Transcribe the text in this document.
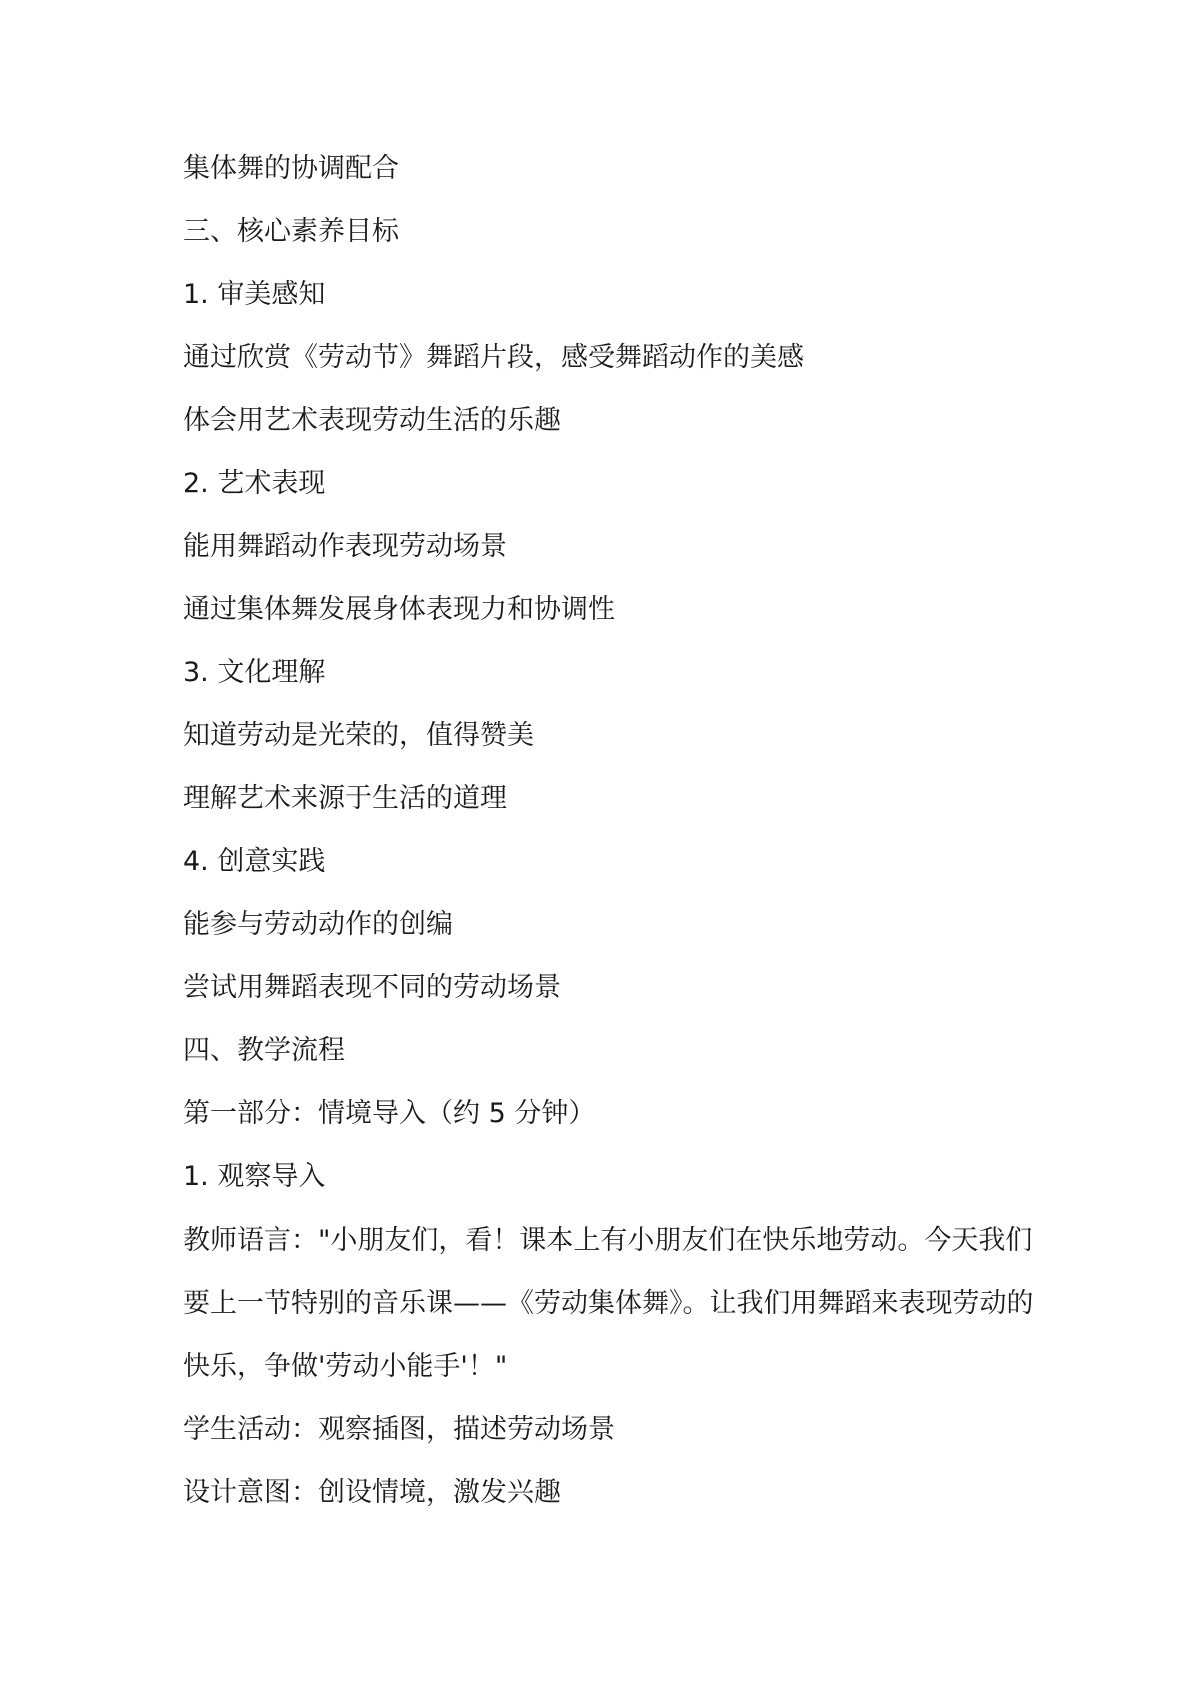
集体舞的协调配合
三、核心素养目标
1. 审美感知
通过欣赏《劳动节》舞蹈片段，感受舞蹈动作的美感
体会用艺术表现劳动生活的乐趣
2. 艺术表现
能用舞蹈动作表现劳动场景
通过集体舞发展身体表现力和协调性
3. 文化理解
知道劳动是光荣的，值得赞美
理解艺术来源于生活的道理
4. 创意实践
能参与劳动动作的创编
尝试用舞蹈表现不同的劳动场景
四、教学流程
第一部分：情境导入（约 5 分钟）
1. 观察导入
教师语言："小朋友们，看！课本上有小朋友们在快乐地劳动。今天我们要上一节特别的音乐课——《劳动集体舞》。让我们用舞蹈来表现劳动的快乐，争做'劳动小能手'！"
学生活动：观察插图，描述劳动场景
设计意图：创设情境，激发兴趣
